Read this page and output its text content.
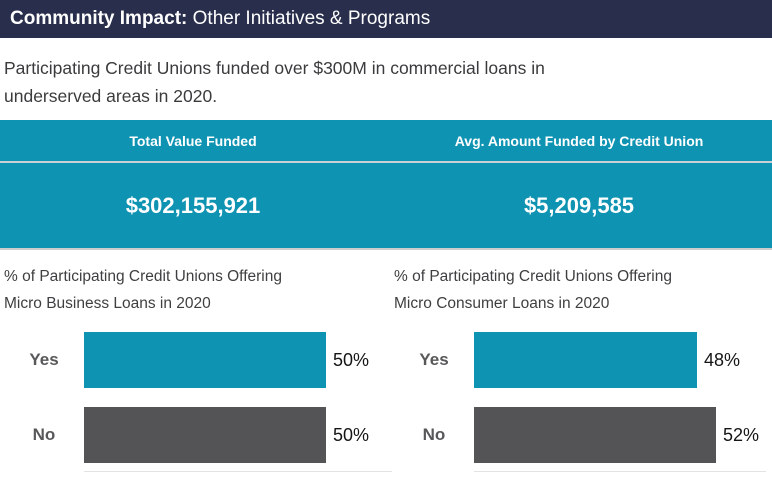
Community Impact: Other Initiatives & Programs
Participating Credit Unions funded over $300M in commercial loans in
underserved areas in 2020.
Total Value Funded	Avg. Amount Funded by Credit Union
$302,155,921	$5,209,585
% of Participating Credit Unions Offering
Micro Business Loans in 2020
Yes	50%
No	50%
% of Participating Credit Unions Offering
Micro Consumer Loans in 2020
Yes	48%
No	52%
